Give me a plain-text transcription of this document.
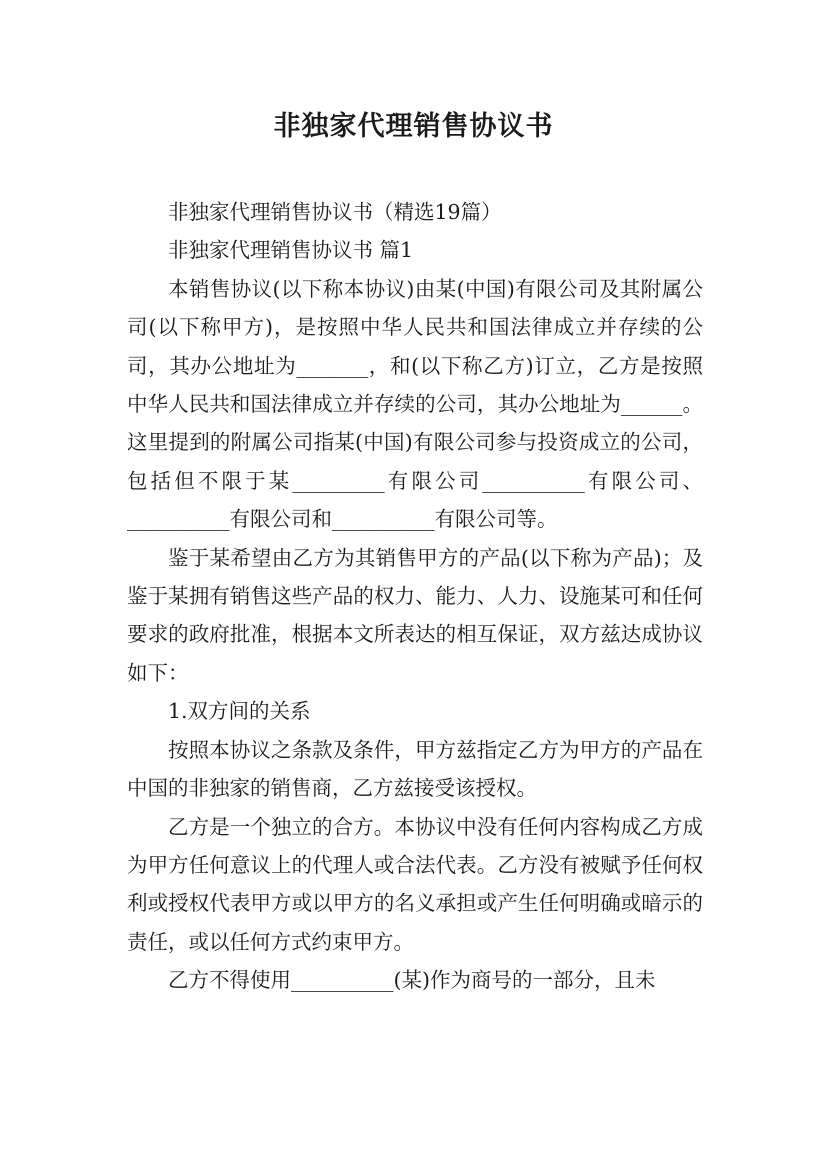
非独家代理销售协议书

非独家代理销售协议书（精选19篇）

非独家代理销售协议书 篇1

本销售协议(以下称本协议)由某(中国)有限公司及其附属公司(以下称甲方)，是按照中华人民共和国法律成立并存续的公司，其办公地址为_______，和(以下称乙方)订立，乙方是按照中华人民共和国法律成立并存续的公司，其办公地址为______。这里提到的附属公司指某(中国)有限公司参与投资成立的公司，包括但不限于某_________有限公司__________有限公司、__________有限公司和__________有限公司等。

鉴于某希望由乙方为其销售甲方的产品(以下称为产品)；及鉴于某拥有销售这些产品的权力、能力、人力、设施某可和任何要求的政府批准，根据本文所表达的相互保证，双方兹达成协议如下：

1.双方间的关系

按照本协议之条款及条件，甲方兹指定乙方为甲方的产品在中国的非独家的销售商，乙方兹接受该授权。

乙方是一个独立的合方。本协议中没有任何内容构成乙方成为甲方任何意议上的代理人或合法代表。乙方没有被赋予任何权利或授权代表甲方或以甲方的名义承担或产生任何明确或暗示的责任，或以任何方式约束甲方。

乙方不得使用__________(某)作为商号的一部分，且未
